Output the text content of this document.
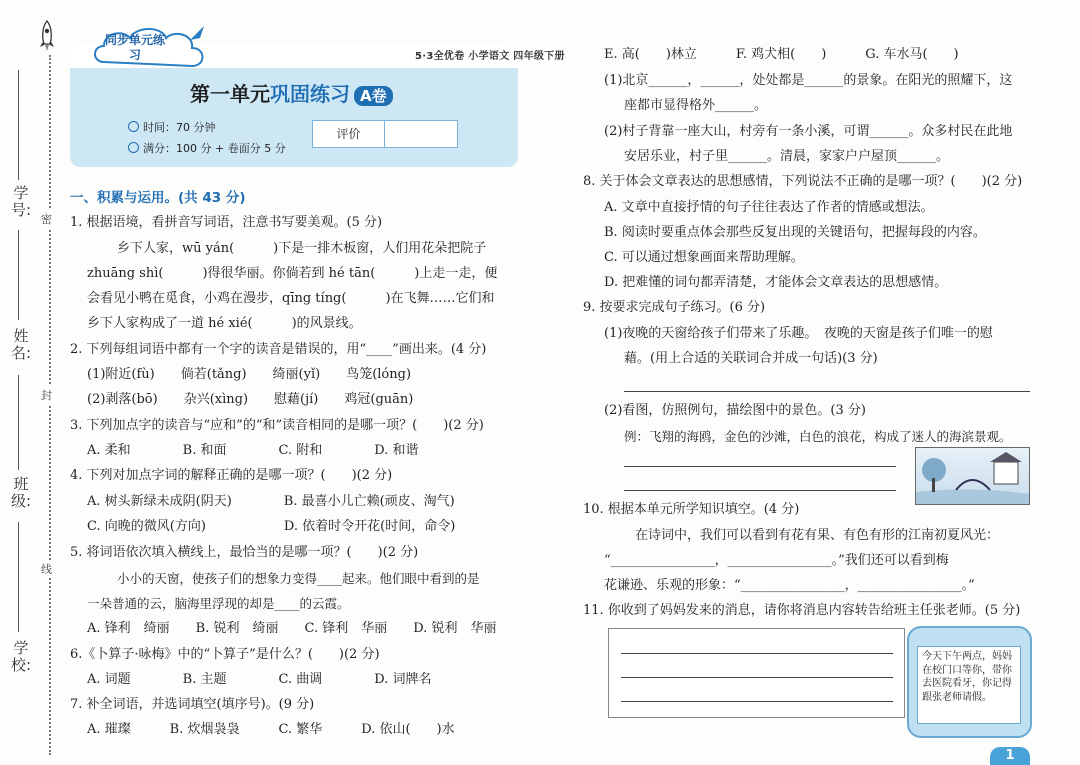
学号:
姓名:
班级:
学校:
密
封
线
5·3全优卷 小学语文 四年级下册
同步单元练习
第一单元巩固练习 A卷
时间：70 分钟
满分：100 分 + 卷面分 5 分
评价
一、积累与运用。(共 43 分)
1. 根据语境，看拼音写词语，注意书写要美观。(5 分)
乡下人家，wū yán(　　　)下是一排木板窗，人们用花朵把院子
zhuāng shì(　　　)得很华丽。你倘若到 hé tān(　　　)上走一走，便
会看见小鸭在觅食，小鸡在漫步，qīng tíng(　　　)在飞舞……它们和
乡下人家构成了一道 hé xié(　　　)的风景线。
2. 下列每组词语中都有一个字的读音是错误的，用“____”画出来。(4 分)
(1)附近(fù)　　倘若(tǎng)　　绮丽(yǐ)　　鸟笼(lóng)
(2)剥落(bō)　　杂兴(xìng)　　慰藉(jí)　　鸡冠(guān)
3. 下列加点字的读音与“应和”的“和”读音相同的是哪一项？(　　)(2 分)
A. 柔和　　　　B. 和面　　　　C. 附和　　　　D. 和谐
4. 下列对加点字词的解释正确的是哪一项？(　　)(2 分)
A. 树头新绿未成阴(阴天)　　　　B. 最喜小儿亡赖(顽皮、淘气)
C. 向晚的微风(方向)　　　　　　D. 依着时令开花(时间，命令)
5. 将词语依次填入横线上，最恰当的是哪一项？(　　)(2 分)
小小的天窗，使孩子们的想象力变得____起来。他们眼中看到的是
一朵普通的云，脑海里浮现的却是____的云霞。
A. 锋利　绮丽　　B. 锐利　绮丽　　C. 锋利　华丽　　D. 锐利　华丽
6.《卜算子·咏梅》中的“卜算子”是什么？(　　)(2 分)
A. 词题　　　　B. 主题　　　　C. 曲调　　　　D. 词牌名
7. 补全词语，并选词填空(填序号)。(9 分)
A. 璀璨　　　B. 炊烟袅袅　　　C. 繁华　　　D. 依山(　　)水
E. 高(　　)林立　　　F. 鸡犬相(　　)　　　G. 车水马(　　)
(1)北京______，______，处处都是______的景象。在阳光的照耀下，这
座都市显得格外______。
(2)村子背靠一座大山，村旁有一条小溪，可谓______。众多村民在此地
安居乐业，村子里______。清晨，家家户户屋顶______。
8. 关于体会文章表达的思想感情，下列说法不正确的是哪一项？(　　)(2 分)
A. 文章中直接抒情的句子往往表达了作者的情感或想法。
B. 阅读时要重点体会那些反复出现的关键语句，把握每段的内容。
C. 可以通过想象画面来帮助理解。
D. 把难懂的词句都弄清楚，才能体会文章表达的思想感情。
9. 按要求完成句子练习。(6 分)
(1)夜晚的天窗给孩子们带来了乐趣。　夜晚的天窗是孩子们唯一的慰
藉。(用上合适的关联词合并成一句话)(3 分)
(2)看图，仿照例句，描绘图中的景色。(3 分)
例：飞翔的海鸥，金色的沙滩，白色的浪花，构成了迷人的海滨景观。
10. 根据本单元所学知识填空。(4 分)
在诗词中，我们可以看到有花有果、有色有形的江南初夏风光：
“________________，________________。”我们还可以看到梅
花谦逊、乐观的形象：“________________，________________。”
11. 你收到了妈妈发来的消息，请你将消息内容转告给班主任张老师。(5 分)
今天下午两点，妈妈在校门口等你，带你去医院看牙，你记得跟张老师请假。
1
